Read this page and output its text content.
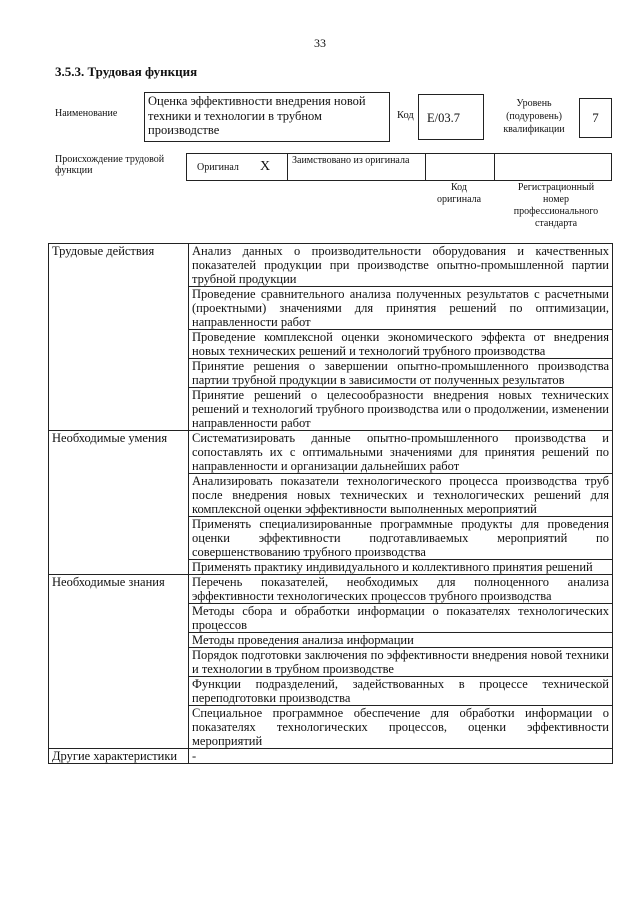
33
3.5.3. Трудовая функция
Наименование
Оценка эффективности внедрения новой техники и технологии в трубном производстве
Код	E/03.7
Уровень
(подуровень)
квалификации
7
Происхождение трудовой функции	Оригинал X Заимствовано из оригинала
Код
оригинала
Регистрационный
номер
профессионального
стандарта
Трудовые действия	Анализ данных о производительности оборудования и качественных показателей продукции при производстве опытно-промышленной партии трубной продукции
	Проведение сравнительного анализа полученных результатов с расчетными (проектными) значениями для принятия решений по оптимизации, направленности работ
	Проведение комплексной оценки экономического эффекта от внедрения новых технических решений и технологий трубного производства
	Принятие решения о завершении опытно-промышленного производства партии трубной продукции в зависимости от полученных результатов
	Принятие решений о целесообразности внедрения новых технических решений и технологий трубного производства или о продолжении, изменении направленности работ
Необходимые умения	Систематизировать данные опытно-промышленного производства и сопоставлять их с оптимальными значениями для принятия решений по направленности и организации дальнейших работ
	Анализировать показатели технологического процесса производства труб после внедрения новых технических и технологических решений для комплексной оценки эффективности выполненных мероприятий
	Применять специализированные программные продукты для проведения оценки эффективности подготавливаемых мероприятий по совершенствованию трубного производства
	Применять практику индивидуального и коллективного принятия решений
Необходимые знания	Перечень показателей, необходимых для полноценного анализа эффективности технологических процессов трубного производства
	Методы сбора и обработки информации о показателях технологических процессов
	Методы проведения анализа информации
	Порядок подготовки заключения по эффективности внедрения новой техники и технологии в трубном производстве
	Функции подразделений, задействованных в процессе технической переподготовки производства
	Специальное программное обеспечение для обработки информации о показателях технологических процессов, оценки эффективности мероприятий
Другие характеристики	-
